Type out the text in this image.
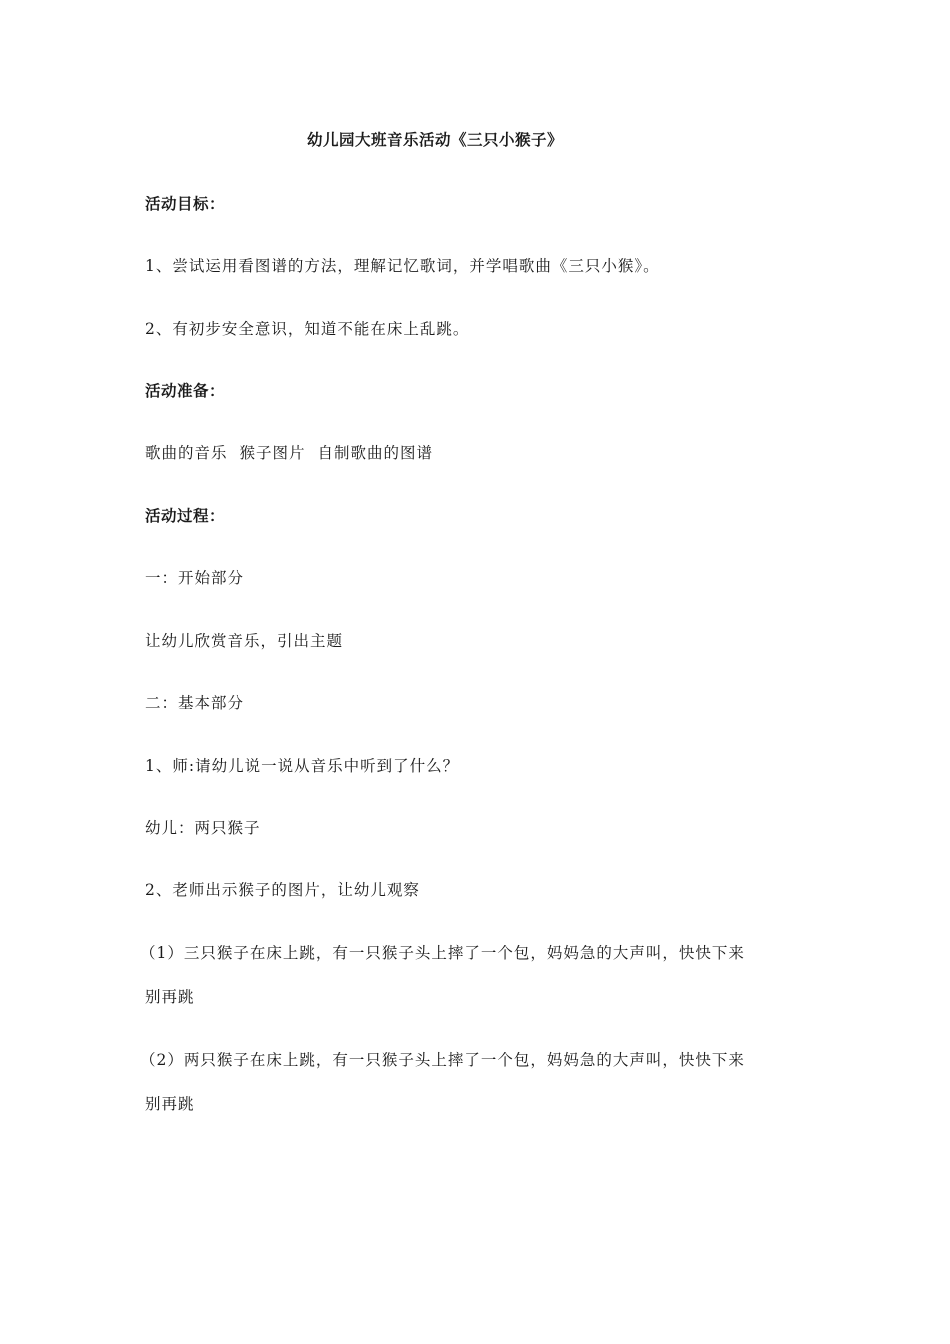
幼儿园大班音乐活动《三只小猴子》
活动目标：
1、尝试运用看图谱的方法，理解记忆歌词，并学唱歌曲《三只小猴》。
2、有初步安全意识，知道不能在床上乱跳。
活动准备：
歌曲的音乐 猴子图片 自制歌曲的图谱
活动过程：
一：开始部分
让幼儿欣赏音乐，引出主题
二：基本部分
1、师:请幼儿说一说从音乐中听到了什么？
幼儿：两只猴子
2、老师出示猴子的图片，让幼儿观察
（1）三只猴子在床上跳，有一只猴子头上摔了一个包，妈妈急的大声叫，快快下来
别再跳
（2）两只猴子在床上跳，有一只猴子头上摔了一个包，妈妈急的大声叫，快快下来
别再跳
